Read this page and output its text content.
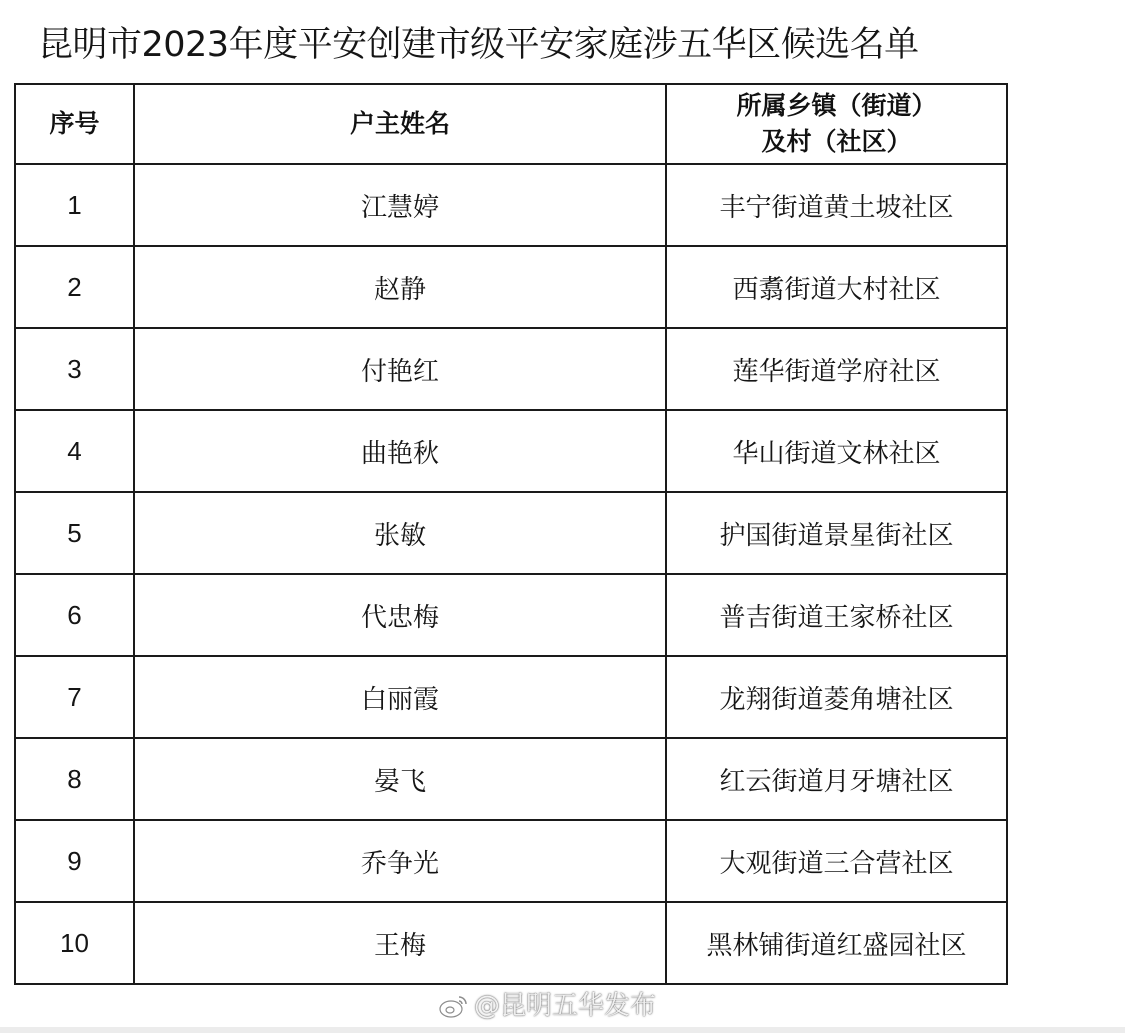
昆明市2023年度平安创建市级平安家庭涉五华区候选名单
序号	户主姓名	所属乡镇（街道）
及村（社区）

1	江慧婷	丰宁街道黄土坡社区
2	赵静	西翥街道大村社区
3	付艳红	莲华街道学府社区
4	曲艳秋	华山街道文林社区
5	张敏	护国街道景星街社区
6	代忠梅	普吉街道王家桥社区
7	白丽霞	龙翔街道菱角塘社区
8	晏飞	红云街道月牙塘社区
9	乔争光	大观街道三合营社区
10	王梅	黑林铺街道红盛园社区
@昆明五华发布
